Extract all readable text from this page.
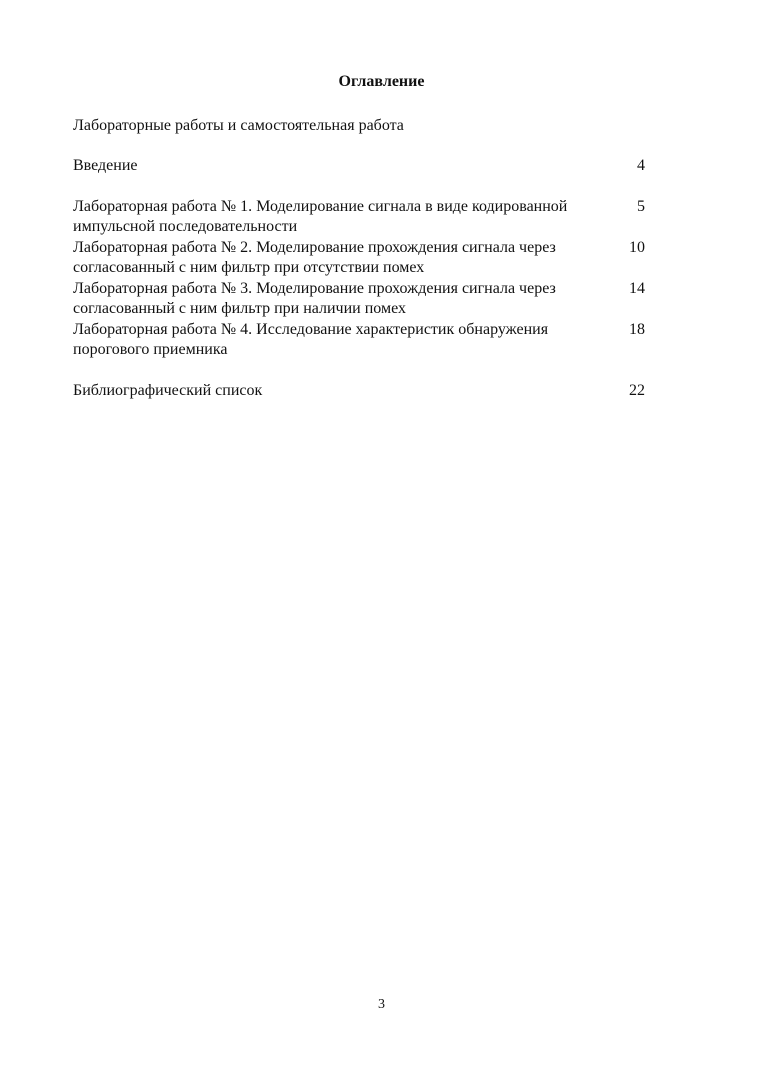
Оглавление
Лабораторные работы и самостоятельная работа
Введение	4
Лабораторная работа № 1. Моделирование сигнала в виде кодированной импульсной последовательности
5
Лабораторная работа № 2. Моделирование прохождения сигнала через согласованный с ним фильтр при отсутствии помех
10
Лабораторная работа № 3. Моделирование прохождения сигнала через согласованный с ним фильтр при наличии помех
14
Лабораторная работа № 4. Исследование характеристик обнаружения порогового приемника
18
Библиографический список	22
3
